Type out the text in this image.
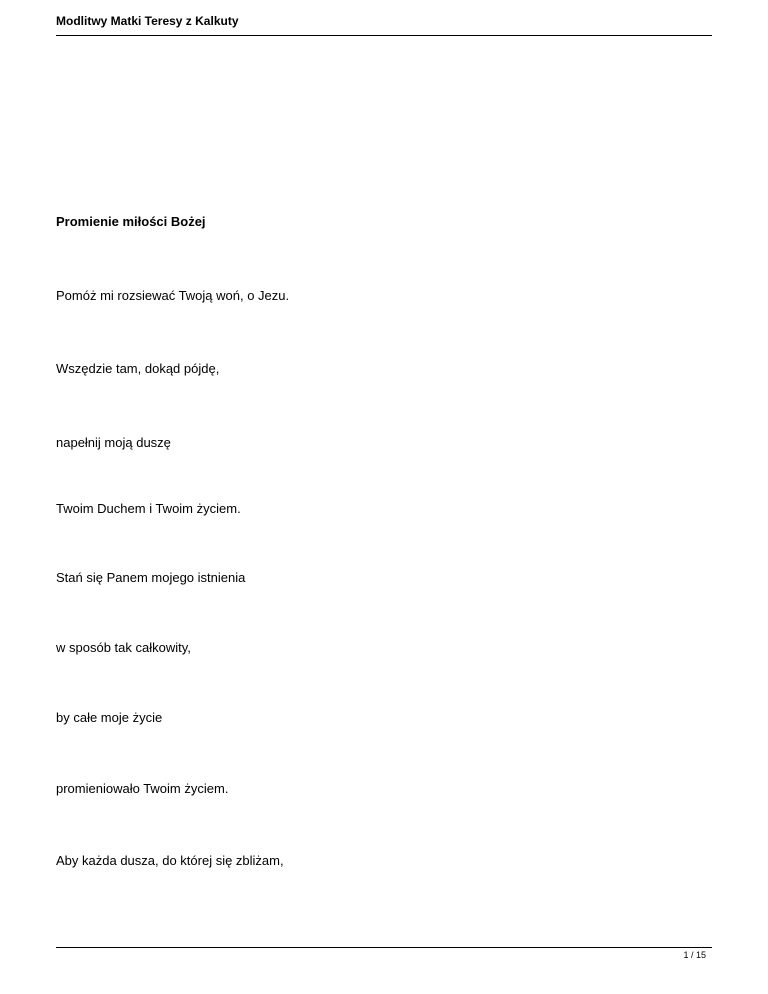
Modlitwy Matki Teresy z Kalkuty
Promienie miłości Bożej
Pomóż mi rozsiewać Twoją woń, o Jezu.
Wszędzie tam, dokąd pójdę,
napełnij moją duszę
Twoim Duchem i Twoim życiem.
Stań się Panem mojego istnienia
w sposób tak całkowity,
by całe moje życie
promieniowało Twoim życiem.
Aby każda dusza, do której się zbliżam,
1 / 15
